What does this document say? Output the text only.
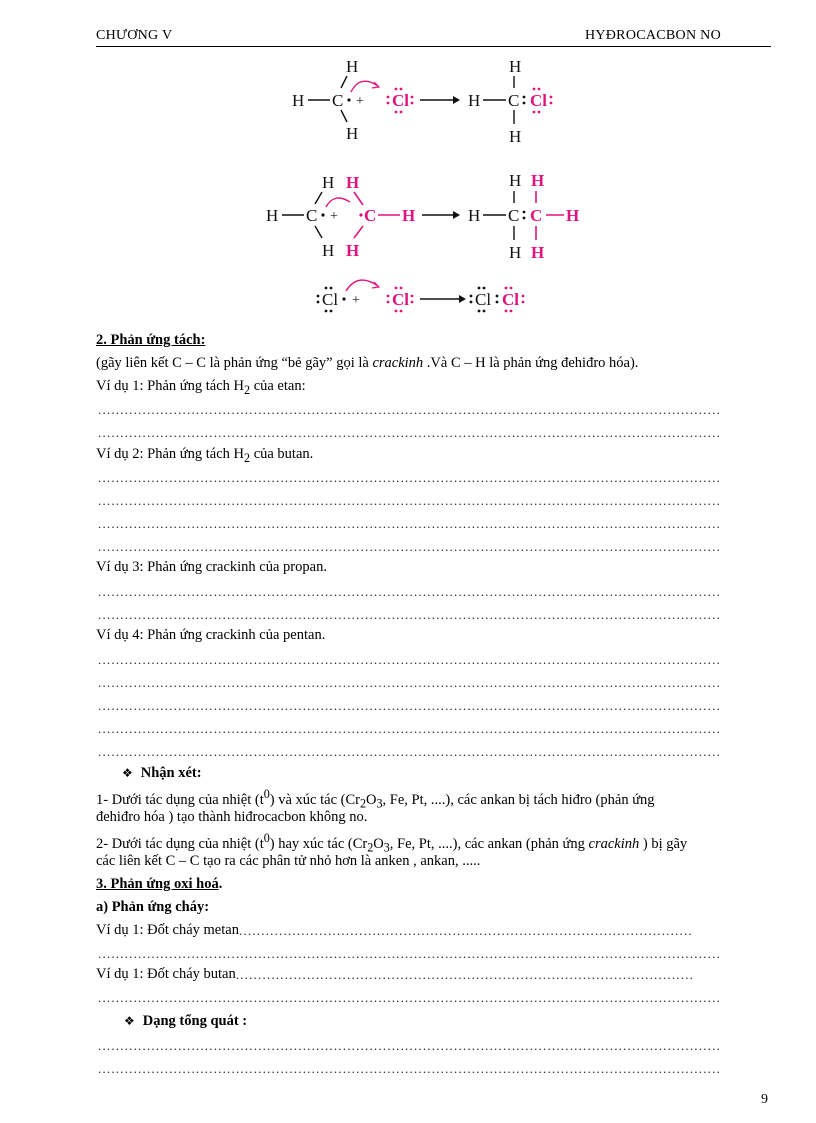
CHƯƠNG V	HYĐROCACBON NO
H C
H
H
+ Cl	H C
H
H
Cl
H C
H
H
+
H
H
C H	H C
H
H
C
H
H
H
Cl + Cl	Cl Cl
2. Phản ứng tách:
(gãy liên kết C – C là phản ứng “bẻ gãy” gọi là crackinh .Và C – H là phản ứng đehiđro hóa).
Ví dụ 1: Phản ứng tách $H_2$ của etan:
.....
.....
Ví dụ 2: Phản ứng tách $H_2$ của butan.
.....
.....
.....
.....
Ví dụ 3: Phản ứng crackinh của propan.
.....
.....
Ví dụ 4: Phản ứng crackinh của pentan.
.....
.....
.....
.....
.....
❖ Nhận xét:
1- Dưới tác dụng của nhiệt $(t^0)$ và xúc tác ($Cr_2O_3$, Fe, Pt, ....), các ankan bị tách hiđro (phản ứng
đehiđro hóa ) tạo thành hiđrocacbon không no.
2- Dưới tác dụng của nhiệt $(t^0)$ hay xúc tác ($Cr_2O_3$, Fe, Pt, ....), các ankan (phản ứng crackinh ) bị gãy
các liên kết C – C tạo ra các phân tử nhỏ hơn là anken , ankan, .....
3. Phản ứng oxi hoá.
a) Phản ứng cháy:
Ví dụ 1: Đốt cháy metan.....
.....
Ví dụ 1: Đốt cháy butan.....
.....
❖ Dạng tổng quát :
.....
.....
9
